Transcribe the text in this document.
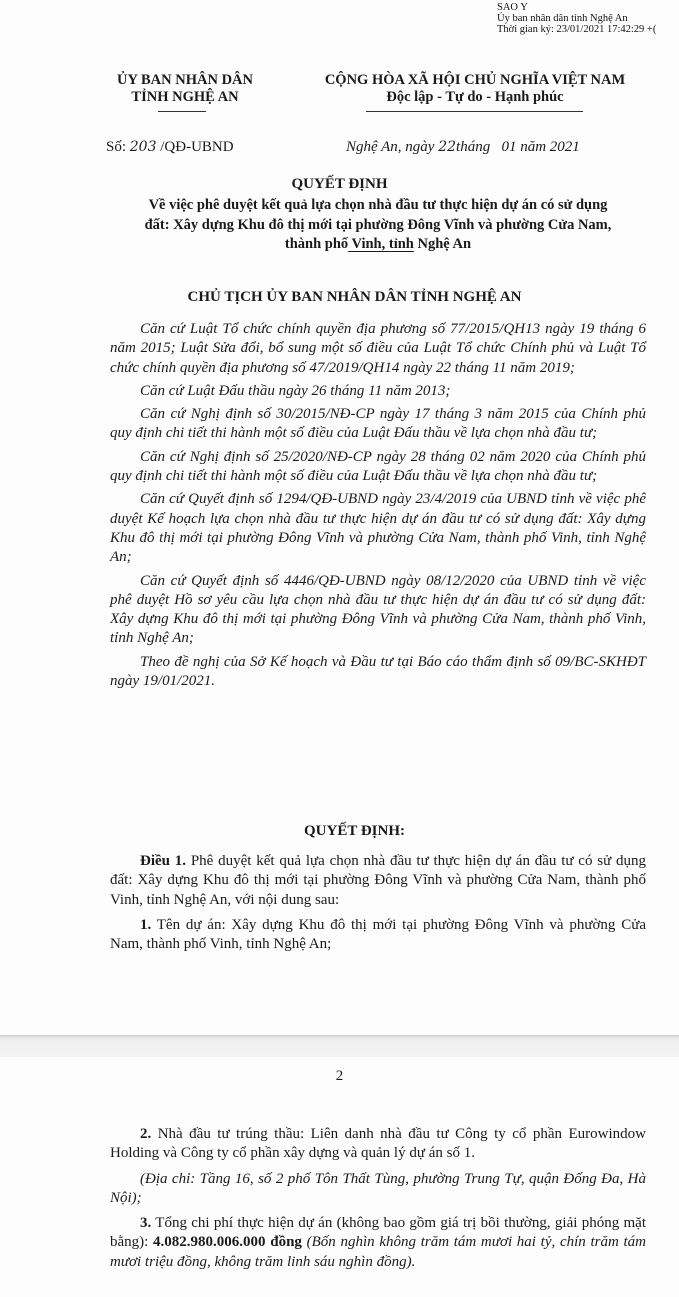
SAO Y
Ủy ban nhân dân tỉnh Nghệ An
Thời gian ký: 23/01/2021 17:42:29 +(
ỦY BAN NHÂN DÂN
TỈNH NGHỆ AN
CỘNG HÒA XÃ HỘI CHỦ NGHĨA VIỆT NAM
Độc lập - Tự do - Hạnh phúc
Số: 203 /QĐ-UBND	Nghệ An, ngày 22tháng   01 năm 2021
QUYẾT ĐỊNH
Về việc phê duyệt kết quả lựa chọn nhà đầu tư thực hiện dự án có sử dụng
đất: Xây dựng Khu đô thị mới tại phường Đông Vĩnh và phường Cửa Nam,
thành phố Vinh, tỉnh Nghệ An
CHỦ TỊCH ỦY BAN NHÂN DÂN TỈNH NGHỆ AN

Căn cứ Luật Tổ chức chính quyền địa phương số 77/2015/QH13 ngày 19 tháng 6 năm 2015; Luật Sửa đổi, bổ sung một số điều của Luật Tổ chức Chính phủ và Luật Tổ chức chính quyền địa phương số 47/2019/QH14 ngày 22 tháng 11 năm 2019;

Căn cứ Luật Đấu thầu ngày 26 tháng 11 năm 2013;

Căn cứ Nghị định số 30/2015/NĐ-CP ngày 17 tháng 3 năm 2015 của Chính phủ quy định chi tiết thi hành một số điều của Luật Đấu thầu về lựa chọn nhà đầu tư;

Căn cứ Nghị định số 25/2020/NĐ-CP ngày 28 tháng 02 năm 2020 của Chính phủ quy định chi tiết thi hành một số điều của Luật Đấu thầu về lựa chọn nhà đầu tư;

Căn cứ Quyết định số 1294/QĐ-UBND ngày 23/4/2019 của UBND tỉnh về việc phê duyệt Kế hoạch lựa chọn nhà đầu tư thực hiện dự án đầu tư có sử dụng đất: Xây dựng Khu đô thị mới tại phường Đông Vĩnh và phường Cửa Nam, thành phố Vinh, tỉnh Nghệ An;

Căn cứ Quyết định số 4446/QĐ-UBND ngày 08/12/2020 của UBND tỉnh về việc phê duyệt Hồ sơ yêu cầu lựa chọn nhà đầu tư thực hiện dự án đầu tư có sử dụng đất: Xây dựng Khu đô thị mới tại phường Đông Vĩnh và phường Cửa Nam, thành phố Vinh, tỉnh Nghệ An;

Theo đề nghị của Sở Kế hoạch và Đầu tư tại Báo cáo thẩm định số 09/BC-SKHĐT ngày 19/01/2021.

QUYẾT ĐỊNH:

Điều 1. Phê duyệt kết quả lựa chọn nhà đầu tư thực hiện dự án đầu tư có sử dụng đất: Xây dựng Khu đô thị mới tại phường Đông Vĩnh và phường Cửa Nam, thành phố Vinh, tỉnh Nghệ An, với nội dung sau:

1. Tên dự án: Xây dựng Khu đô thị mới tại phường Đông Vĩnh và phường Cửa Nam, thành phố Vinh, tỉnh Nghệ An;

2

2. Nhà đầu tư trúng thầu: Liên danh nhà đầu tư Công ty cổ phần Eurowindow Holding và Công ty cổ phần xây dựng và quản lý dự án số 1.

(Địa chỉ: Tầng 16, số 2 phố Tôn Thất Tùng, phường Trung Tự, quận Đống Đa, Hà Nội);

3. Tổng chi phí thực hiện dự án (không bao gồm giá trị bồi thường, giải phóng mặt bằng): 4.082.980.006.000 đồng (Bốn nghìn không trăm tám mươi hai tỷ, chín trăm tám mươi triệu đồng, không trăm linh sáu nghìn đồng).
